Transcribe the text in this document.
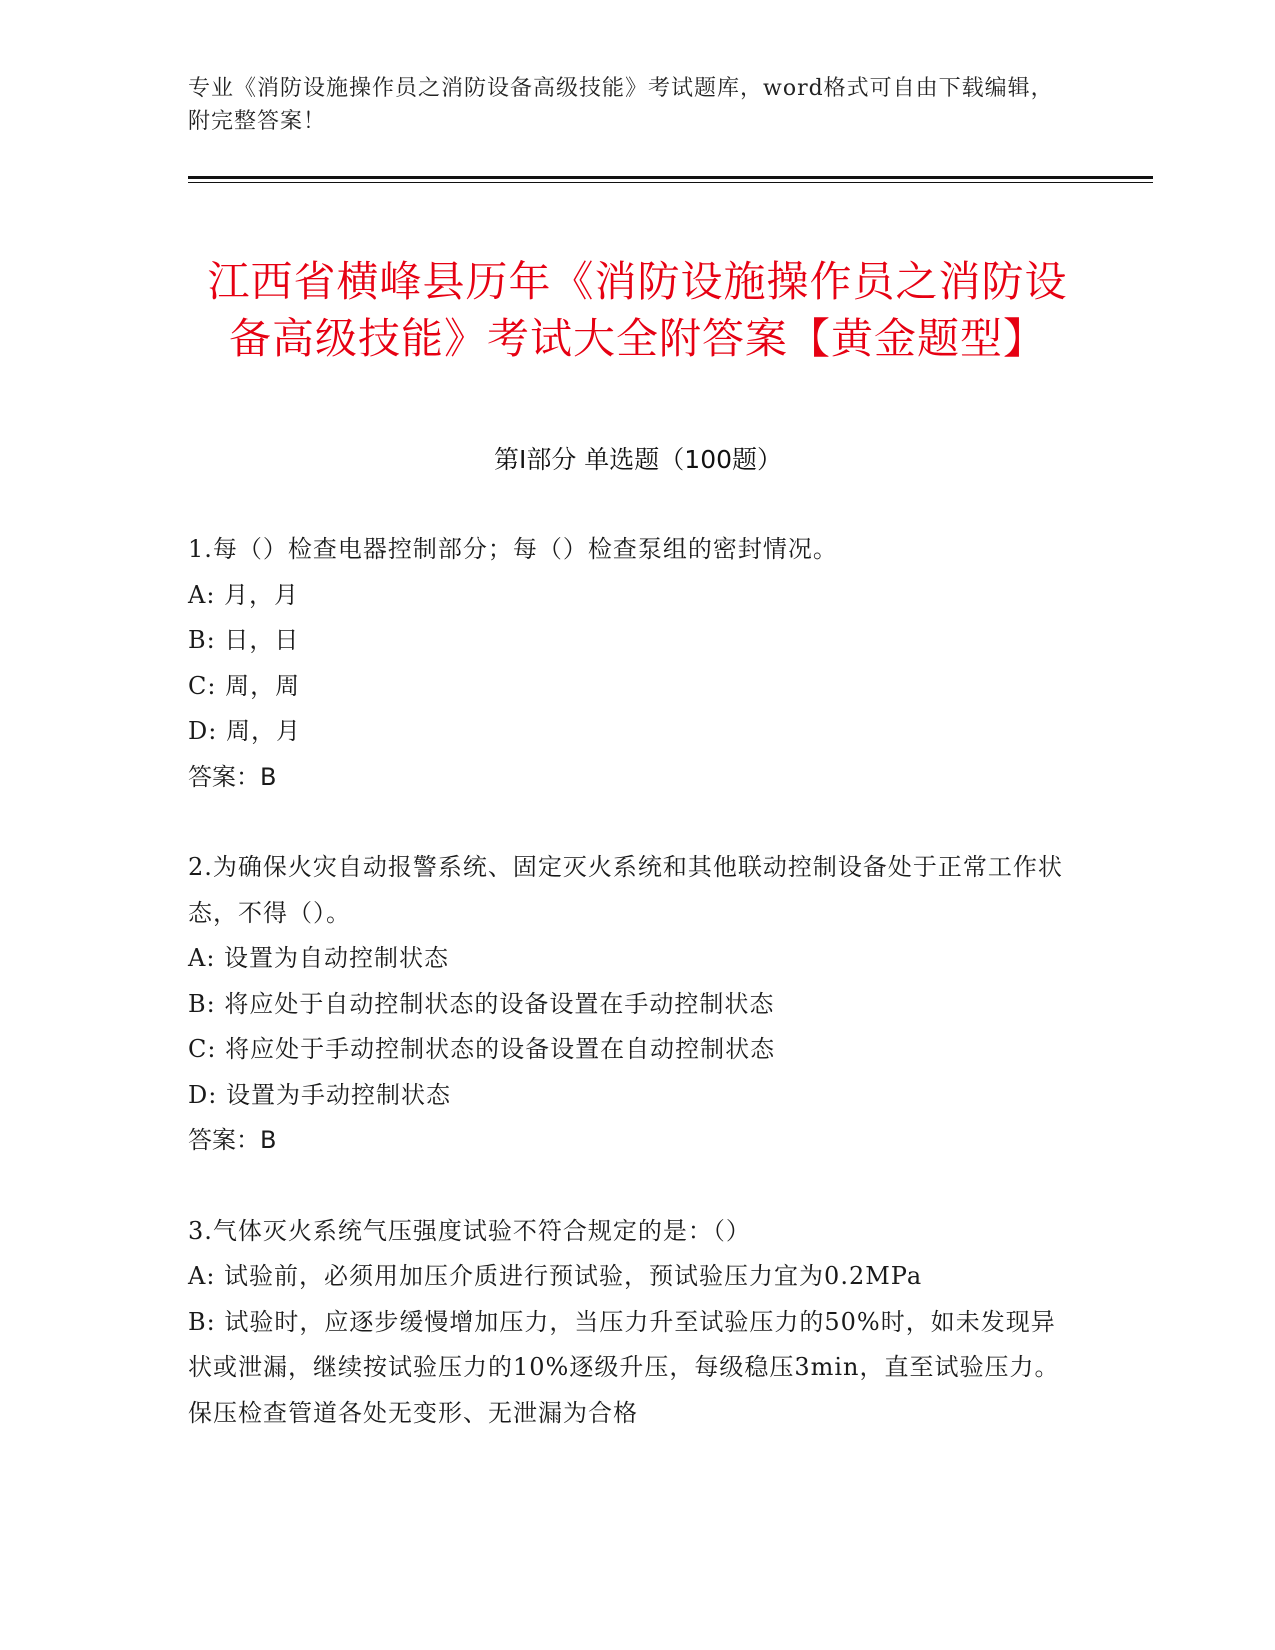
专业《消防设施操作员之消防设备高级技能》考试题库，word格式可自由下载编辑，附完整答案！
江西省横峰县历年《消防设施操作员之消防设备高级技能》考试大全附答案【黄金题型】
第I部分 单选题（100题）

1.每（）检查电器控制部分；每（）检查泵组的密封情况。

A: 月，月

B: 日，日

C: 周，周

D: 周，月

答案：B

2.为确保火灾自动报警系统、固定灭火系统和其他联动控制设备处于正常工作状态，不得（）。

A: 设置为自动控制状态

B: 将应处于自动控制状态的设备设置在手动控制状态

C: 将应处于手动控制状态的设备设置在自动控制状态

D: 设置为手动控制状态

答案：B

3.气体灭火系统气压强度试验不符合规定的是：（）

A: 试验前，必须用加压介质进行预试验，预试验压力宜为0.2MPa

B: 试验时，应逐步缓慢增加压力，当压力升至试验压力的50%时，如未发现异状或泄漏，继续按试验压力的10%逐级升压，每级稳压3min，直至试验压力。保压检查管道各处无变形、无泄漏为合格
